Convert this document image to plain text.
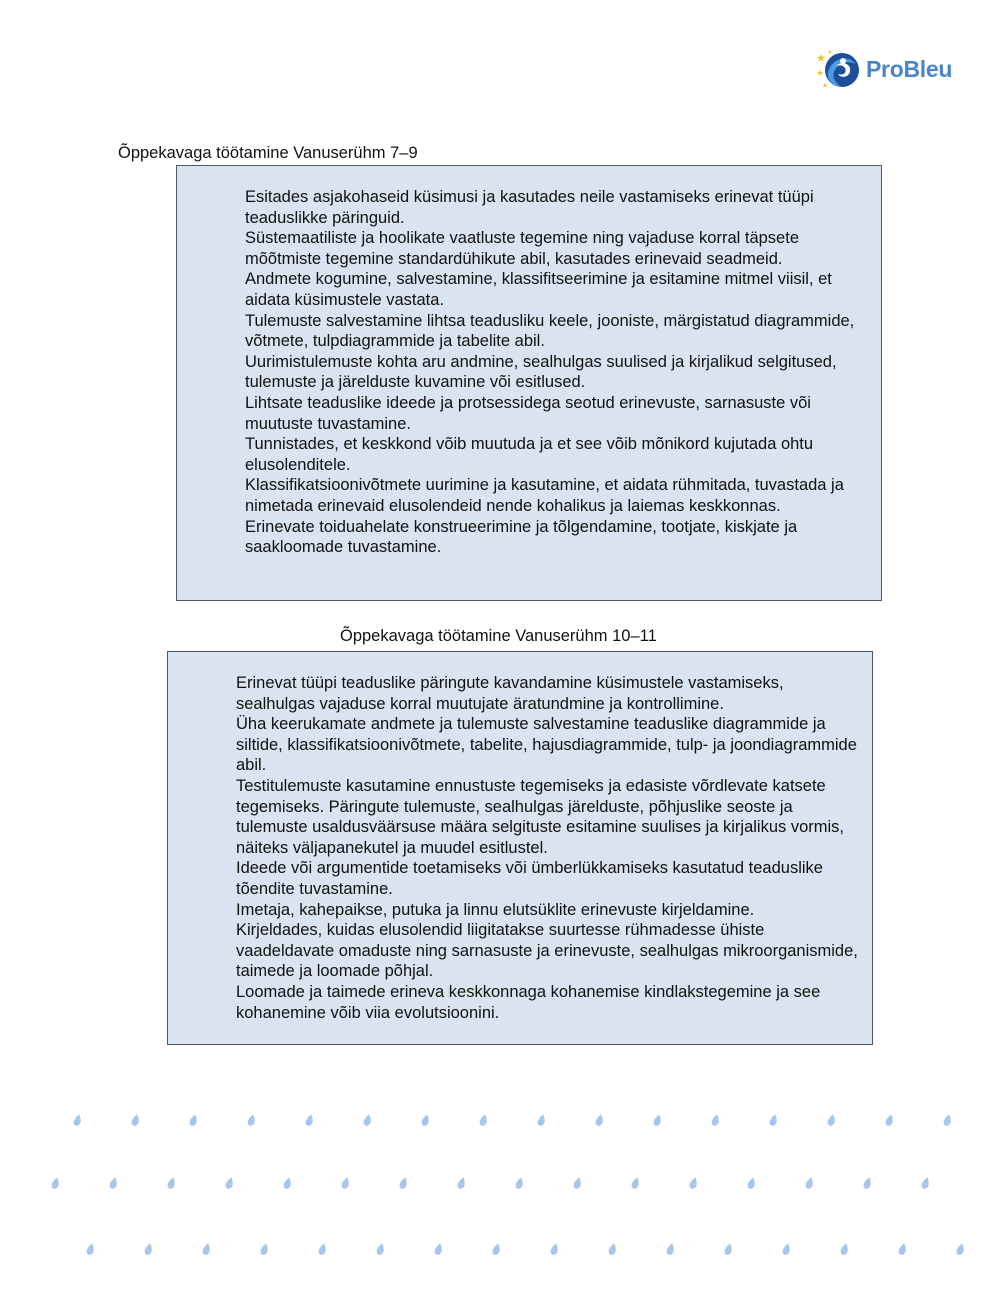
ProBleu
Õppekavaga töötamine Vanuserühm 7–9

Esitades asjakohaseid küsimusi ja kasutades neile vastamiseks erinevat tüüpi teaduslikke päringuid.

Süstemaatiliste ja hoolikate vaatluste tegemine ning vajaduse korral täpsete mõõtmiste tegemine standardühikute abil, kasutades erinevaid seadmeid.

Andmete kogumine, salvestamine, klassifitseerimine ja esitamine mitmel viisil, et aidata küsimustele vastata.

Tulemuste salvestamine lihtsa teadusliku keele, jooniste, märgistatud diagrammide, võtmete, tulpdiagrammide ja tabelite abil.

Uurimistulemuste kohta aru andmine, sealhulgas suulised ja kirjalikud selgitused, tulemuste ja järelduste kuvamine või esitlused.

Lihtsate teaduslike ideede ja protsessidega seotud erinevuste, sarnasuste või muutuste tuvastamine.

Tunnistades, et keskkond võib muutuda ja et see võib mõnikord kujutada ohtu elusolenditele.

Klassifikatsioonivõtmete uurimine ja kasutamine, et aidata rühmitada, tuvastada ja nimetada erinevaid elusolendeid nende kohalikus ja laiemas keskkonnas.

Erinevate toiduahelate konstrueerimine ja tõlgendamine, tootjate, kiskjate ja saakloomade tuvastamine.

Õppekavaga töötamine Vanuserühm 10–11

Erinevat tüüpi teaduslike päringute kavandamine küsimustele vastamiseks, sealhulgas vajaduse korral muutujate äratundmine ja kontrollimine.

Üha keerukamate andmete ja tulemuste salvestamine teaduslike diagrammide ja siltide, klassifikatsioonivõtmete, tabelite, hajusdiagrammide, tulp- ja joondiagrammide abil.

Testitulemuste kasutamine ennustuste tegemiseks ja edasiste võrdlevate katsete tegemiseks. Päringute tulemuste, sealhulgas järelduste, põhjuslike seoste ja tulemuste usaldusväärsuse määra selgituste esitamine suulises ja kirjalikus vormis, näiteks väljapanekutel ja muudel esitlustel.

Ideede või argumentide toetamiseks või ümberlükkamiseks kasutatud teaduslike tõendite tuvastamine.

Imetaja, kahepaikse, putuka ja linnu elutsüklite erinevuste kirjeldamine.

Kirjeldades, kuidas elusolendid liigitatakse suurtesse rühmadesse ühiste vaadeldavate omaduste ning sarnasuste ja erinevuste, sealhulgas mikroorganismide, taimede ja loomade põhjal.

Loomade ja taimede erineva keskkonnaga kohanemise kindlakstegemine ja see kohanemine võib viia evolutsioonini.
